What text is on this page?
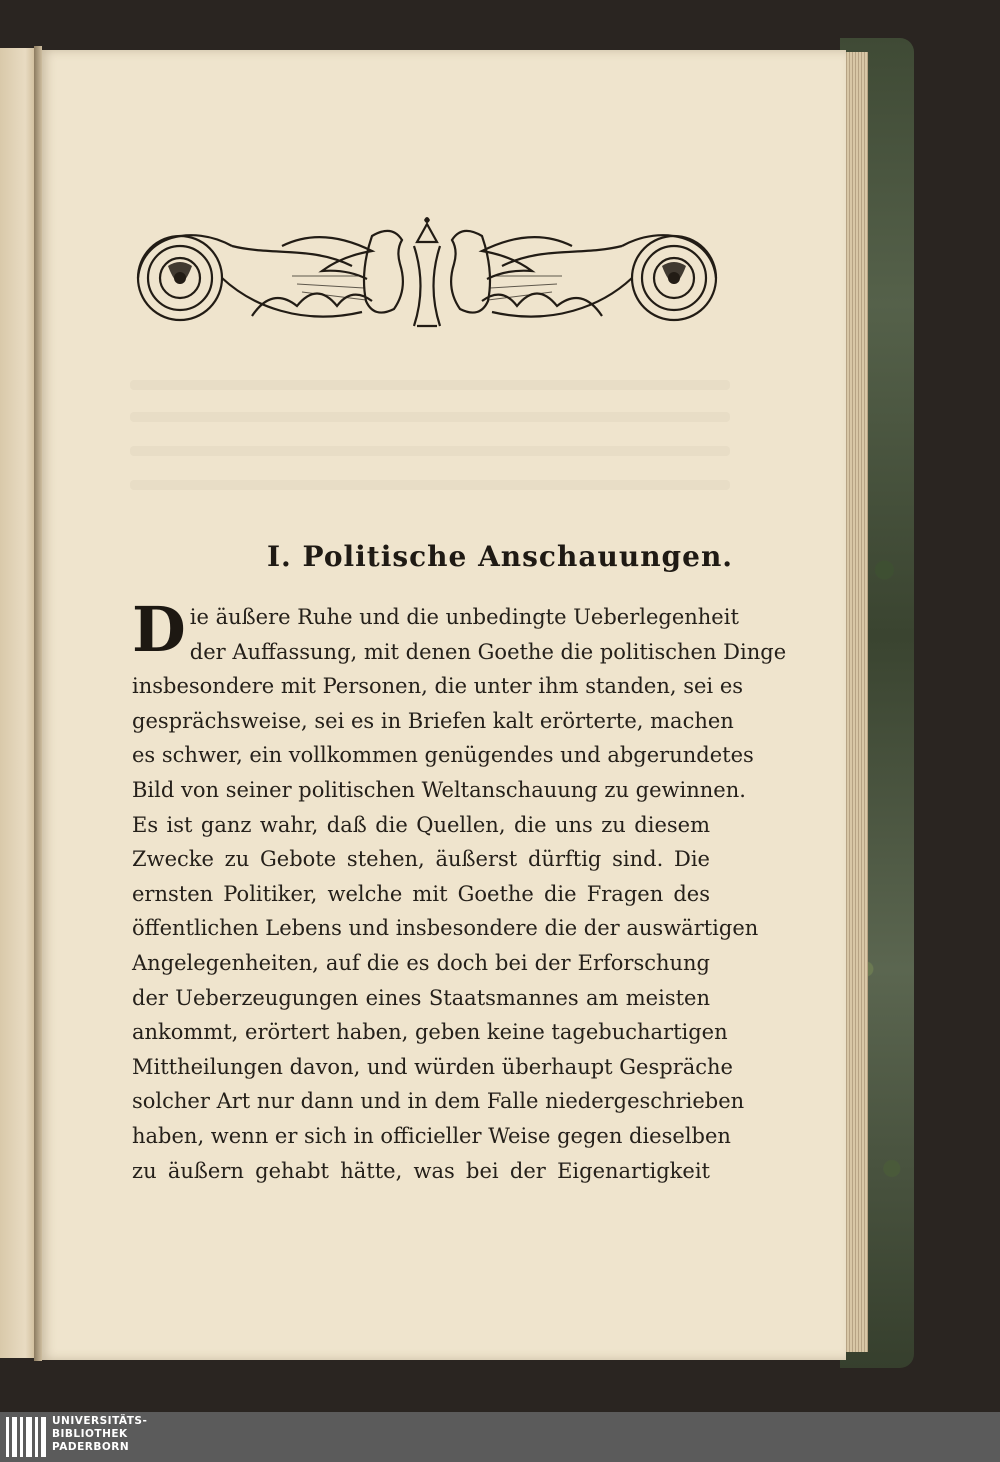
I. Politische Anschauungen.
D ie äußere Ruhe und die unbedingte Ueberlegenheit
der Auffassung, mit denen Goethe die politischen Dinge
insbesondere mit Personen, die unter ihm standen, sei es
gesprächsweise, sei es in Briefen kalt erörterte, machen
es schwer, ein vollkommen genügendes und abgerundetes
Bild von seiner politischen Weltanschauung zu gewinnen.
Es ist ganz wahr, daß die Quellen, die uns zu diesem
Zwecke zu Gebote stehen, äußerst dürftig sind. Die
ernsten Politiker, welche mit Goethe die Fragen des
öffentlichen Lebens und insbesondere die der auswärtigen
Angelegenheiten, auf die es doch bei der Erforschung
der Ueberzeugungen eines Staatsmannes am meisten
ankommt, erörtert haben, geben keine tagebuchartigen
Mittheilungen davon, und würden überhaupt Gespräche
solcher Art nur dann und in dem Falle niedergeschrieben
haben, wenn er sich in officieller Weise gegen dieselben
zu äußern gehabt hätte, was bei der Eigenartigkeit
UNIVERSITÄTS-
BIBLIOTHEK
PADERBORN
